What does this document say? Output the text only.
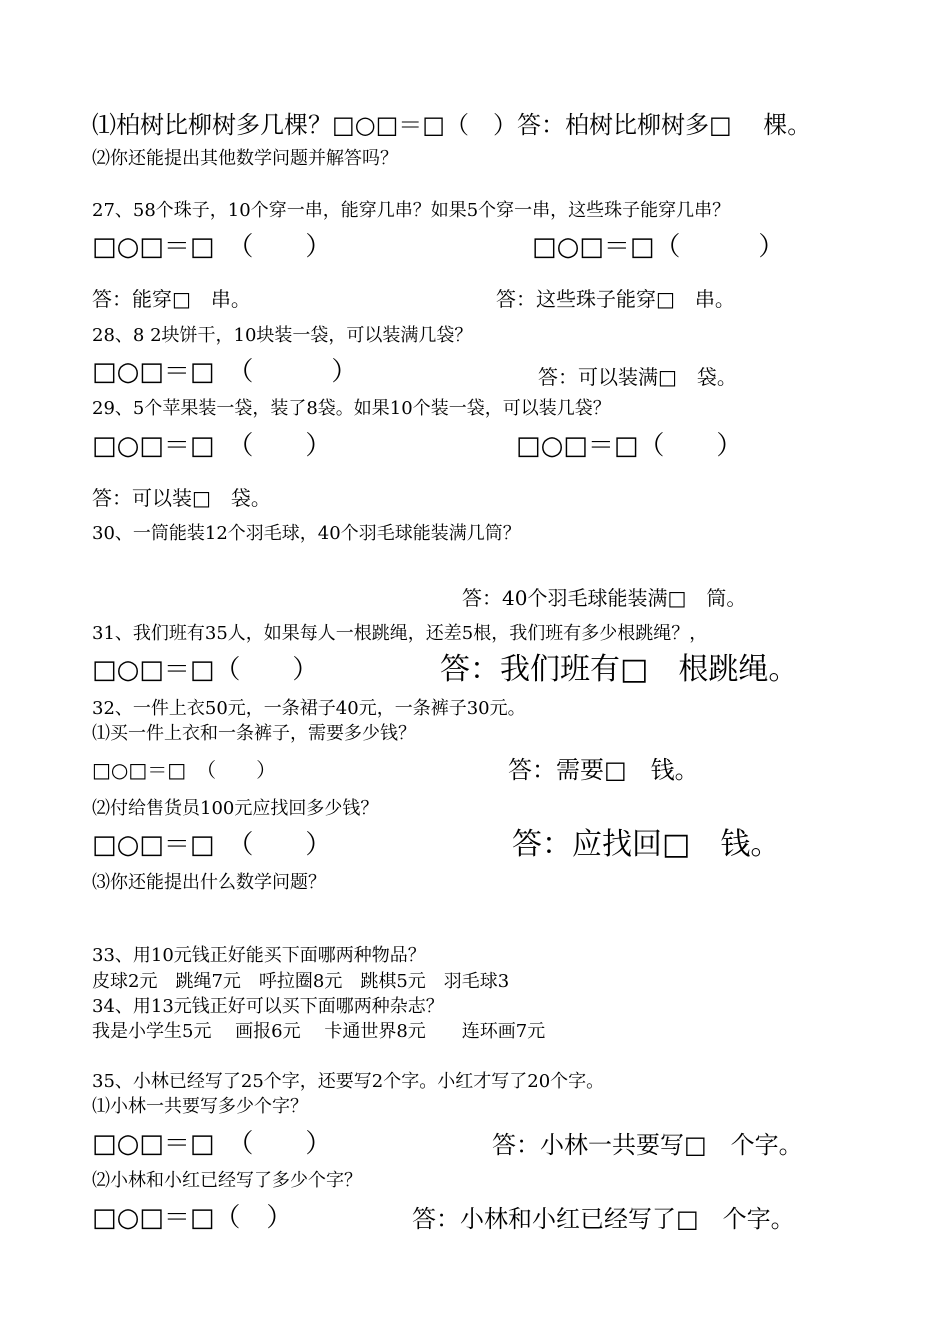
⑴柏树比柳树多几棵？□○□＝□（　）答：柏树比柳树多□　 棵。
⑵你还能提出其他数学问题并解答吗？
27、58个珠子，10个穿一串，能穿几串？如果5个穿一串，这些珠子能穿几串？
□○□＝□　（　　）	□○□＝□（　　　）
答：能穿□　串。	答：这些珠子能穿□　串。
28、8 2块饼干，10块装一袋，可以装满几袋？
□○□＝□　（　　　）	答：可以装满□　袋。
29、5个苹果装一袋，装了8袋。如果10个装一袋，可以装几袋？
□○□＝□　（　　）	□○□＝□（　　）
答：可以装□　袋。
30、一筒能装12个羽毛球，40个羽毛球能装满几筒？
答：40个羽毛球能装满□　筒。
31、我们班有35人，如果每人一根跳绳，还差5根，我们班有多少根跳绳？，
□○□＝□（　　）	答：我们班有□　根跳绳。
32、一件上衣50元，一条裙子40元，一条裤子30元。
⑴买一件上衣和一条裤子，需要多少钱？
□○□＝□　（　　）	答：需要□　钱。
⑵付给售货员100元应找回多少钱？
□○□＝□　（　　）	答：应找回□　钱。
⑶你还能提出什么数学问题？
33、用10元钱正好能买下面哪两种物品？
皮球2元　跳绳7元　呼拉圈8元　跳棋5元　羽毛球3
34、用13元钱正好可以买下面哪两种杂志？
我是小学生5元　 画报6元　 卡通世界8元　　连环画7元
35、小林已经写了25个字，还要写2个字。小红才写了20个字。
⑴小林一共要写多少个字？
□○□＝□　（　　）	答：小林一共要写□　个字。
⑵小林和小红已经写了多少个字？
□○□＝□（　）	答：小林和小红已经写了□　个字。
